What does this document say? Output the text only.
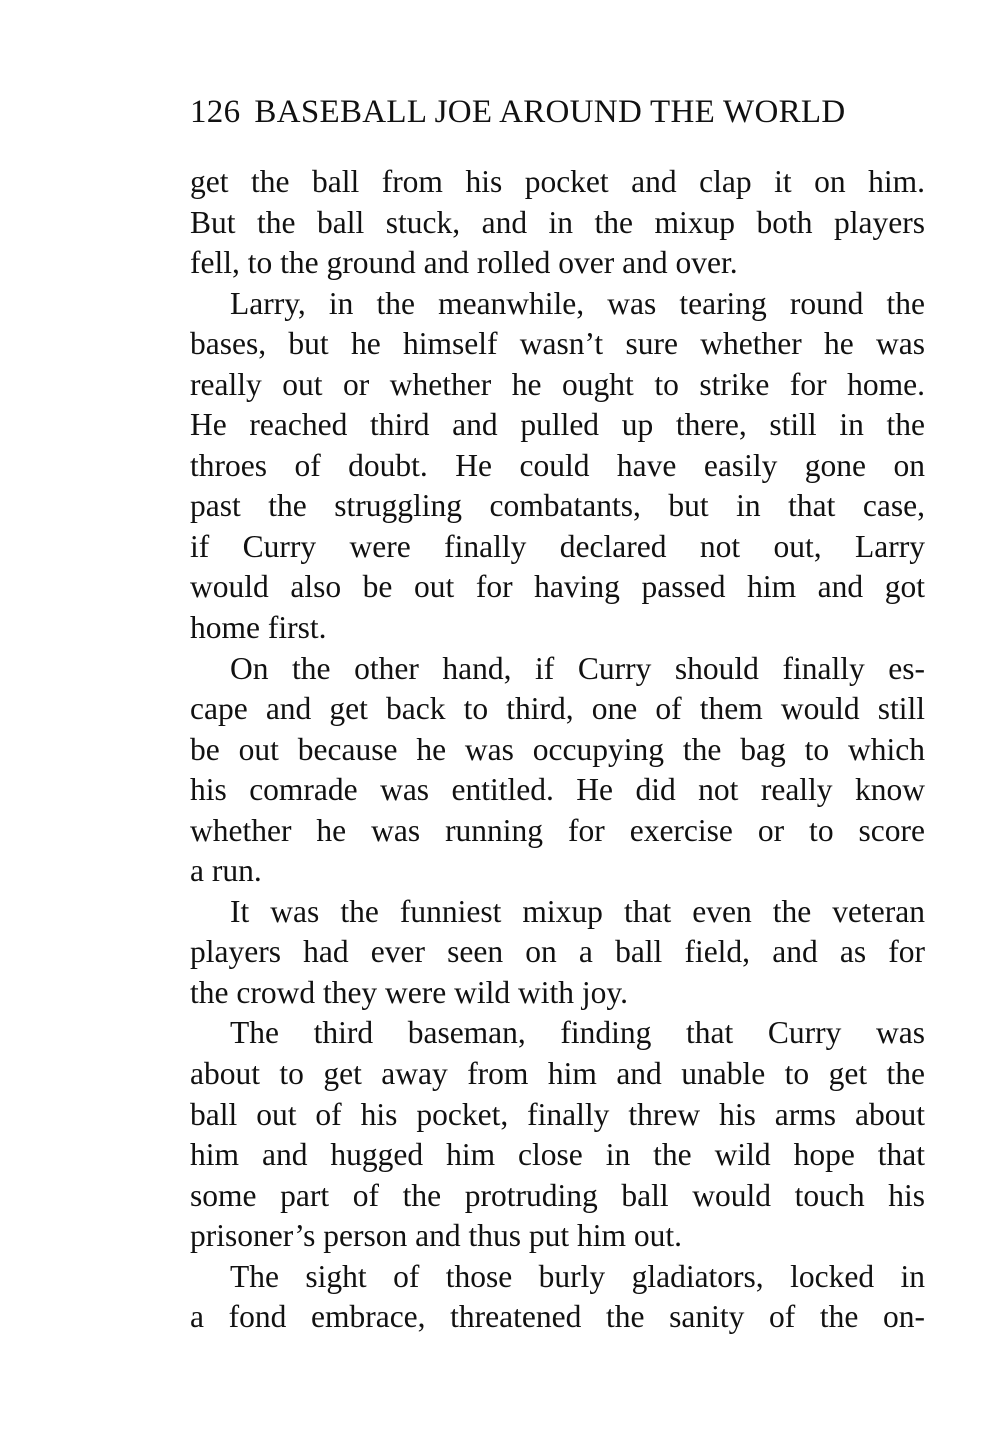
126 BASEBALL JOE AROUND THE WORLD
get the ball from his pocket and clap it on him.
But the ball stuck, and in the mixup both players
fell, to the ground and rolled over and over.
Larry, in the meanwhile, was tearing round the
bases, but he himself wasn’t sure whether he was
really out or whether he ought to strike for home.
He reached third and pulled up there, still in the
throes of doubt. He could have easily gone on
past the struggling combatants, but in that case,
if Curry were finally declared not out, Larry
would also be out for having passed him and got
home first.
On the other hand, if Curry should finally es-
cape and get back to third, one of them would still
be out because he was occupying the bag to which
his comrade was entitled. He did not really know
whether he was running for exercise or to score
a run.
It was the funniest mixup that even the veteran
players had ever seen on a ball field, and as for
the crowd they were wild with joy.
The third baseman, finding that Curry was
about to get away from him and unable to get the
ball out of his pocket, finally threw his arms about
him and hugged him close in the wild hope that
some part of the protruding ball would touch his
prisoner’s person and thus put him out.
The sight of those burly gladiators, locked in
a fond embrace, threatened the sanity of the on-
